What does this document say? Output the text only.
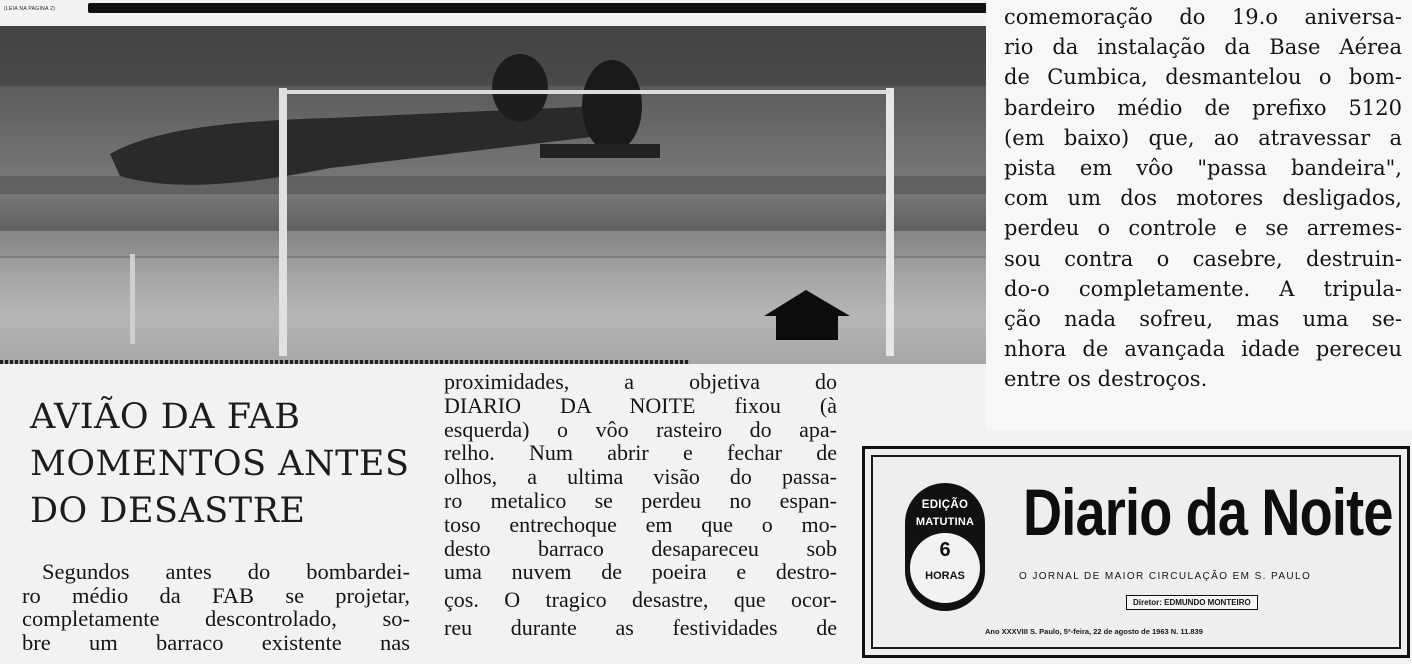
(LEIA NA PAGINA 2)
AVIÃO DA FAB
MOMENTOS ANTES
DO DESASTRE
Segundos antes do bombardei-
ro médio da FAB se projetar,
completamente descontrolado, so-
bre um barraco existente nas
proximidades, a objetiva do
DIARIO DA NOITE fixou (à
esquerda) o vôo rasteiro do apa-
relho. Num abrir e fechar de
olhos, a ultima visão do passa-
ro metalico se perdeu no espan-
toso entrechoque em que o mo-
desto barraco desapareceu sob
uma nuvem de poeira e destro-
ços. O tragico desastre, que ocor-
reu durante as festividades de
comemoração do 19.o aniversa-
rio da instalação da Base Aérea
de Cumbica, desmantelou o bom-
bardeiro médio de prefixo 5120
(em baixo) que, ao atravessar a
pista em vôo "passa bandeira",
com um dos motores desligados,
perdeu o controle e se arremes-
sou contra o casebre, destruin-
do-o completamente. A tripula-
ção nada sofreu, mas uma se-
nhora de avançada idade pereceu
entre os destroços.
EDIÇÃO
MATUTINA
6
HORAS
Diario da Noite
O JORNAL DE MAIOR CIRCULAÇÃO EM S. PAULO
Diretor: EDMUNDO MONTEIRO
Ano XXXVIII S. Paulo, 5ª-feira, 22 de agosto de 1963 N. 11.839
